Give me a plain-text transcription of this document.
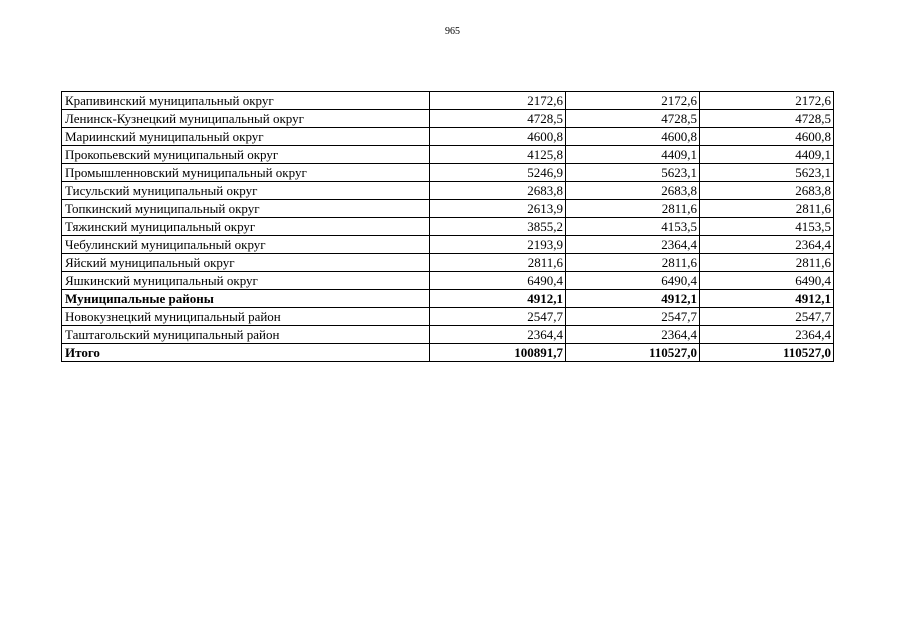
965
Крапивинский муниципальный округ	2172,6	2172,6	2172,6
Ленинск-Кузнецкий муниципальный округ	4728,5	4728,5	4728,5
Мариинский муниципальный округ	4600,8	4600,8	4600,8
Прокопьевский муниципальный округ	4125,8	4409,1	4409,1
Промышленновский муниципальный округ	5246,9	5623,1	5623,1
Тисульский муниципальный округ	2683,8	2683,8	2683,8
Топкинский муниципальный округ	2613,9	2811,6	2811,6
Тяжинский муниципальный округ	3855,2	4153,5	4153,5
Чебулинский муниципальный округ	2193,9	2364,4	2364,4
Яйский муниципальный округ	2811,6	2811,6	2811,6
Яшкинский муниципальный округ	6490,4	6490,4	6490,4
Муниципальные районы	4912,1	4912,1	4912,1
Новокузнецкий муниципальный район	2547,7	2547,7	2547,7
Таштагольский муниципальный район	2364,4	2364,4	2364,4
Итого	100891,7	110527,0	110527,0
